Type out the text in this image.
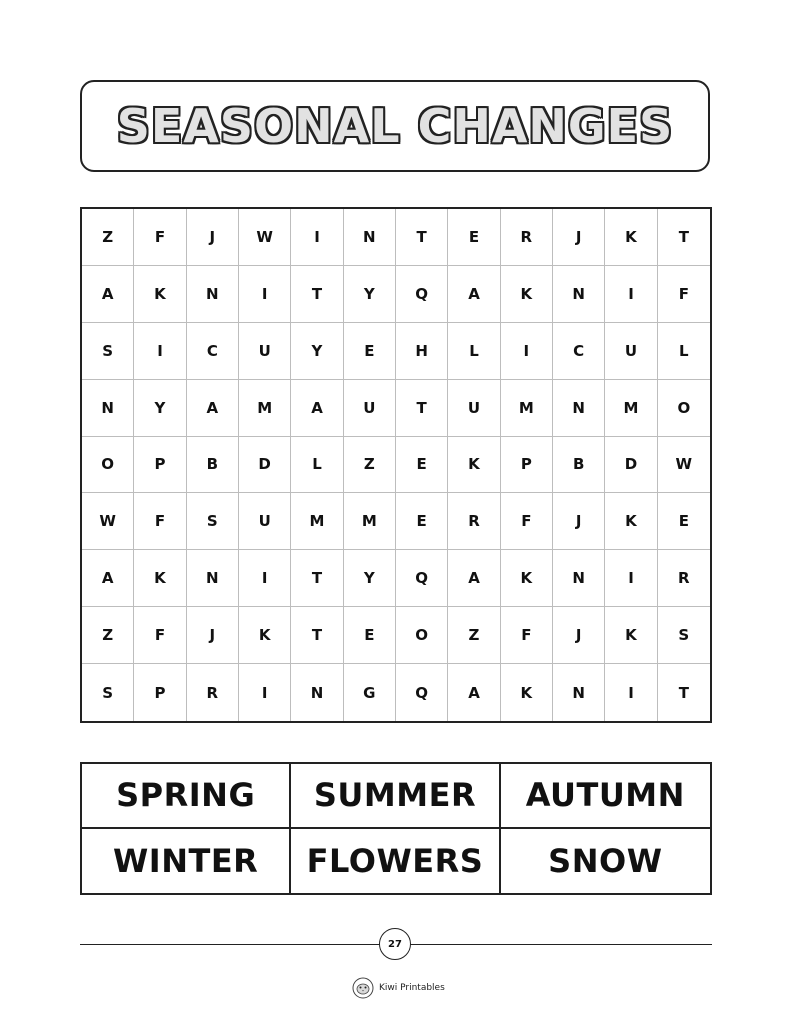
SEASONAL CHANGES
Z	F	J	W	I	N	T	E	R	J	K	T
A	K	N	I	T	Y	Q	A	K	N	I	F
S	I	C	U	Y	E	H	L	I	C	U	L
N	Y	A	M	A	U	T	U	M	N	M	O
O	P	B	D	L	Z	E	K	P	B	D	W
W	F	S	U	M	M	E	R	F	J	K	E
A	K	N	I	T	Y	Q	A	K	N	I	R
Z	F	J	K	T	E	O	Z	F	J	K	S
S	P	R	I	N	G	Q	A	K	N	I	T
SPRING	SUMMER	AUTUMN
WINTER	FLOWERS	SNOW
27
Kiwi Printables
